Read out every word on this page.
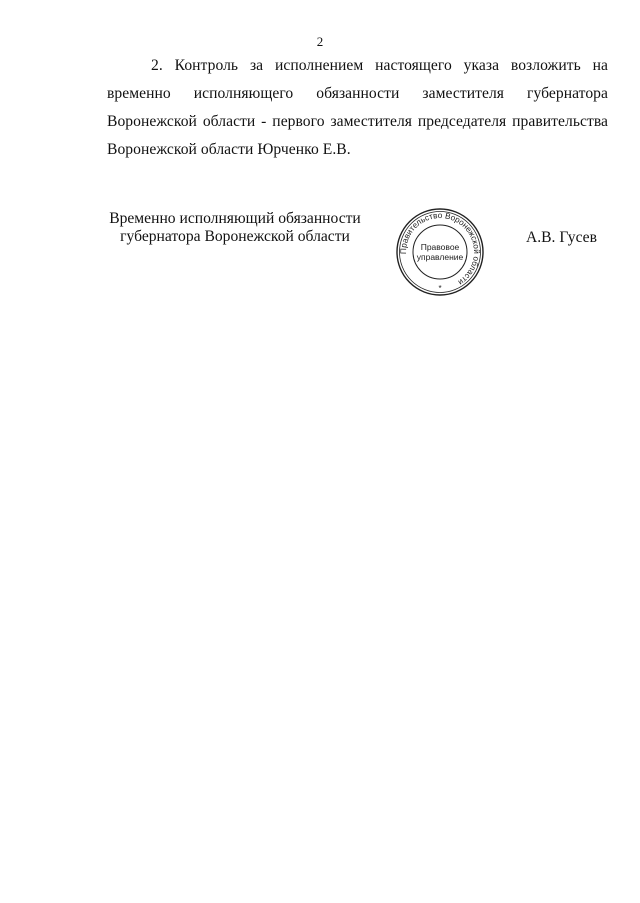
2

2. Контроль за исполнением настоящего указа возложить на временно исполняющего обязанности заместителя губернатора Воронежской области - первого заместителя председателя правительства Воронежской области Юрченко Е.В.

Временно исполняющий обязанности
губернатора Воронежской области
Правительство Воронежской области
Правовое
управление
*
А.В. Гусев
